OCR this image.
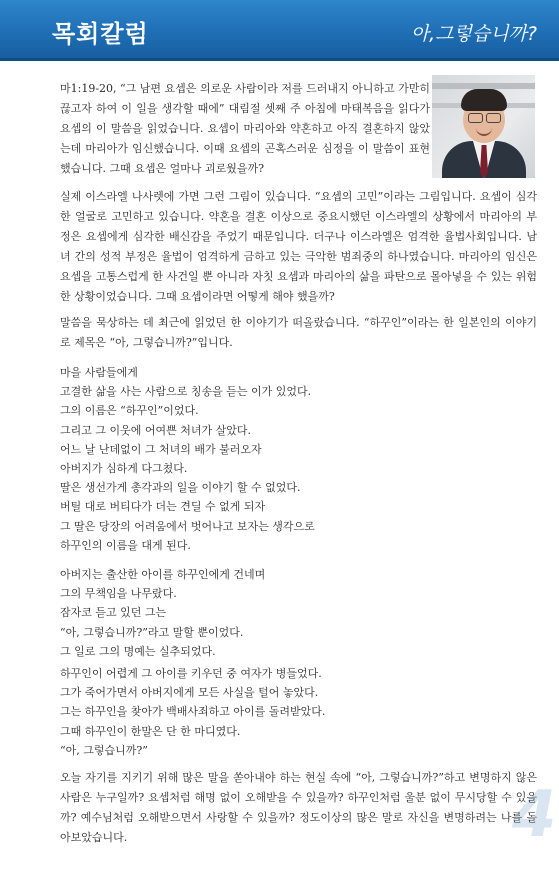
목회칼럼	아,그렇습니까?
4

마1:19-20, “그 남편 요셉은 의로운 사람이라 저를 드러내지 아니하고 가만히 끊고자 하여 이 일을 생각할 때에” 대림절 셋째 주 아침에 마태복음을 읽다가 요셉의 이 말씀을 읽었습니다. 요셉이 마리아와 약혼하고 아직 결혼하지 않았는데 마리아가 임신했습니다. 이때 요셉의 곤혹스러운 심정을 이 말씀이 표현했습니다. 그때 요셉은 얼마나 괴로웠을까?

실제 이스라엘 나사렛에 가면 그런 그림이 있습니다. “요셉의 고민”이라는 그림입니다. 요셉이 심각한 얼굴로 고민하고 있습니다. 약혼을 결혼 이상으로 중요시했던 이스라엘의 상황에서 마리아의 부정은 요셉에게 심각한 배신감을 주었기 때문입니다. 더구나 이스라엘은 엄격한 율법사회입니다. 남녀 간의 성적 부정은 율법이 엄격하게 금하고 있는 극악한 범죄중의 하나였습니다. 마리아의 임신은 요셉을 고통스럽게 한 사건일 뿐 아니라 자칫 요셉과 마리아의 삶을 파탄으로 몰아넣을 수 있는 위험한 상황이었습니다. 그때 요셉이라면 어떻게 해야 했을까?

말씀을 묵상하는 데 최근에 읽었던 한 이야기가 떠올랐습니다. “하꾸인”이라는 한 일본인의 이야기로 제목은 “아, 그렇습니까?”입니다.

마을 사람들에게
고결한 삶을 사는 사람으로 칭송을 듣는 이가 있었다.
그의 이름은 “하꾸인”이었다.
그리고 그 이웃에 어여쁜 처녀가 살았다.
어느 날 난데없이 그 처녀의 배가 불러오자
아버지가 심하게 다그쳤다.
딸은 생선가게 총각과의 일을 이야기 할 수 없었다.
버틸 대로 버티다가 더는 견딜 수 없게 되자
그 딸은 당장의 어려움에서 벗어나고 보자는 생각으로
하꾸인의 이름을 대게 된다.

아버지는 출산한 아이를 하꾸인에게 건네며
그의 무책임을 나무랐다.
잠자코 듣고 있던 그는
“아, 그렇습니까?”라고 말할 뿐이었다.
그 일로 그의 명예는 실추되었다.

하꾸인이 어렵게 그 아이를 키우던 중 여자가 병들었다.
그가 죽어가면서 아버지에게 모든 사실을 털어 놓았다.
그는 하꾸인을 찾아가 백배사죄하고 아이를 돌려받았다.
그때 하꾸인이 한말은 단 한 마디였다.
“아, 그렇습니까?”

오늘 자기를 지키기 위해 많은 말을 쏟아내야 하는 현실 속에 “아, 그렇습니까?”하고 변명하지 않은 사람은 누구일까? 요셉처럼 해명 없이 오해받을 수 있을까? 하꾸인처럼 울분 없이 무시당할 수 있을까? 예수님처럼 오해받으면서 사랑할 수 있을까? 정도이상의 많은 말로 자신을 변명하려는 나를 돌아보았습니다.
